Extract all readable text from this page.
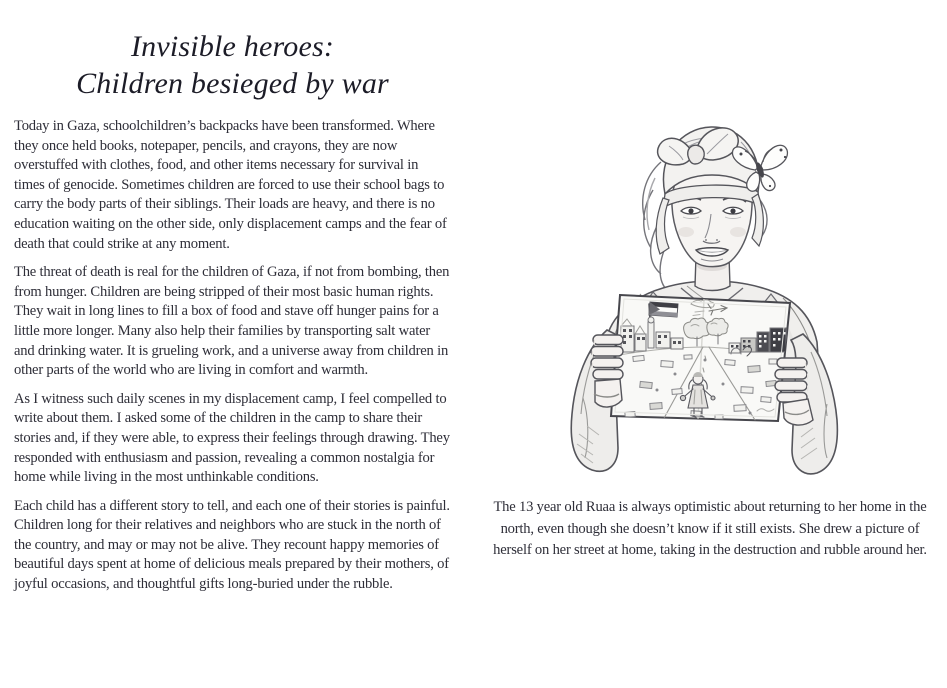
Invisible heroes:
Children besieged by war

Today in Gaza, schoolchildren’s backpacks have been transformed. Where they once held books, notepaper, pencils, and crayons, they are now overstuffed with clothes, food, and other items necessary for survival in times of genocide. Sometimes children are forced to use their school bags to carry the body parts of their siblings. Their loads are heavy, and there is no education waiting on the other side, only displacement camps and the fear of death that could strike at any moment.

The threat of death is real for the children of Gaza, if not from bombing, then from hunger. Children are being stripped of their most basic human rights. They wait in long lines to fill a box of food and stave off hunger pains for a little more longer. Many also help their families by transporting salt water and drinking water. It is grueling work, and a universe away from children in other parts of the world who are living in comfort and warmth.

As I witness such daily scenes in my displacement camp, I feel compelled to write about them. I asked some of the children in the camp to share their stories and, if they were able, to express their feelings through drawing. They responded with enthusiasm and passion, revealing a common nostalgia for home while living in the most unthinkable conditions.

Each child has a different story to tell, and each one of their stories is painful. Children long for their relatives and neighbors who are stuck in the north of the country, and may or may not be alive. They recount happy memories of beautiful days spent at home of delicious meals prepared by their mothers, of joyful occasions, and thoughtful gifts long-buried under the rubble.

The 13 year old Ruaa is always optimistic about returning to her home in the north, even though she doesn’t know if it still exists. She drew a picture of herself on her street at home, taking in the destruction and rubble around her.
